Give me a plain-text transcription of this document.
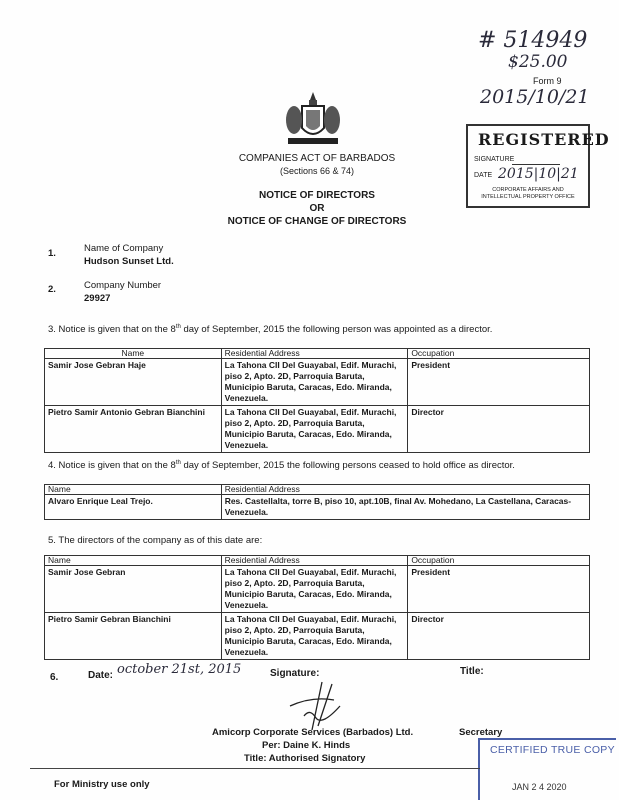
# 514949
$25.00
Form 9
2015/10/21
REGISTERED
SIGNATURE
DATE 2015|10|21
CORPORATE AFFAIRS AND
INTELLECTUAL PROPERTY OFFICE
COMPANIES ACT OF BARBADOS
(Sections 66 & 74)
NOTICE OF DIRECTORS
OR
NOTICE OF CHANGE OF DIRECTORS
1.	Name of Company
Hudson Sunset Ltd.
2.	Company Number
29927
3. Notice is given that on the 8th day of September, 2015 the following person was appointed as a director.
Name	Residential Address	Occupation
Samir Jose Gebran Haje	La Tahona CII Del Guayabal, Edif. Murachi, piso 2, Apto. 2D, Parroquia Baruta, Municipio Baruta, Caracas, Edo. Miranda, Venezuela.	President
Pietro Samir Antonio Gebran Bianchini	La Tahona CII Del Guayabal, Edif. Murachi, piso 2, Apto. 2D, Parroquia Baruta, Municipio Baruta, Caracas, Edo. Miranda, Venezuela.	Director
4. Notice is given that on the 8th day of September, 2015 the following persons ceased to hold office as director.
Name	Residential Address
Alvaro Enrique Leal Trejo.	Res. Castellalta, torre B, piso 10, apt.10B, final Av. Mohedano, La Castellana, Caracas-Venezuela.
5. The directors of the company as of this date are:
Name	Residential Address	Occupation
Samir Jose Gebran	La Tahona CII Del Guayabal, Edif. Murachi, piso 2, Apto. 2D, Parroquia Baruta, Municipio Baruta, Caracas, Edo. Miranda, Venezuela.	President
Pietro Samir Gebran Bianchini	La Tahona CII Del Guayabal, Edif. Murachi, piso 2, Apto. 2D, Parroquia Baruta, Municipio Baruta, Caracas, Edo. Miranda, Venezuela.	Director
6.	Date: october 21st, 2015	Signature:	Title:
Amicorp Corporate Services (Barbados) Ltd.
Per: Daine K. Hinds
Title: Authorised Signatory
Secretary
CERTIFIED TRUE COPY
JAN 2 4 2020
For Ministry use only
